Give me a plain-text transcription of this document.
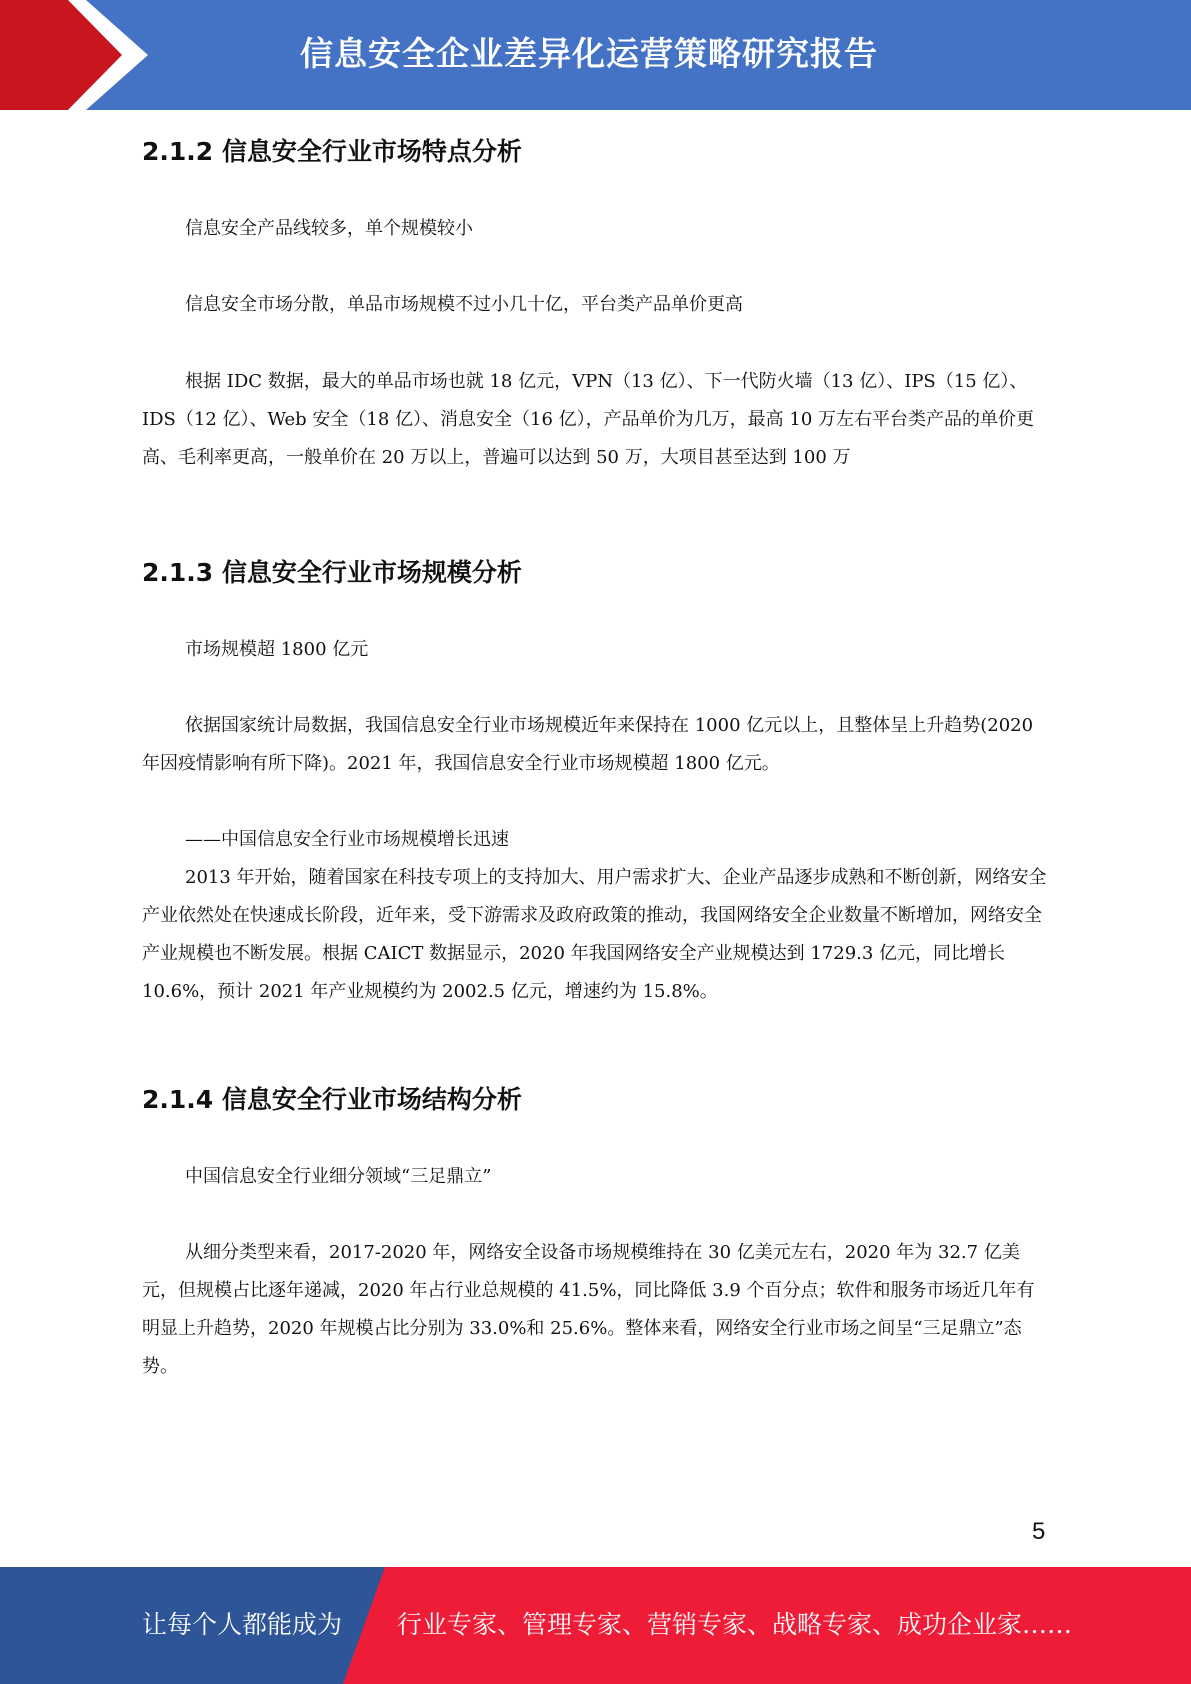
信息安全企业差异化运营策略研究报告
2.1.2 信息安全行业市场特点分析

信息安全产品线较多，单个规模较小

信息安全市场分散，单品市场规模不过小几十亿，平台类产品单价更高

根据 IDC 数据，最大的单品市场也就 18 亿元，VPN（13 亿）、下一代防火墙（13 亿）、IPS（15 亿）、IDS（12 亿）、Web 安全（18 亿）、消息安全（16 亿），产品单价为几万，最高 10 万左右平台类产品的单价更高、毛利率更高，一般单价在 20 万以上，普遍可以达到 50 万，大项目甚至达到 100 万

2.1.3 信息安全行业市场规模分析

市场规模超 1800 亿元

依据国家统计局数据，我国信息安全行业市场规模近年来保持在 1000 亿元以上，且整体呈上升趋势(2020 年因疫情影响有所下降)。2021 年，我国信息安全行业市场规模超 1800 亿元。

——中国信息安全行业市场规模增长迅速

2013 年开始，随着国家在科技专项上的支持加大、用户需求扩大、企业产品逐步成熟和不断创新，网络安全产业依然处在快速成长阶段，近年来，受下游需求及政府政策的推动，我国网络安全企业数量不断增加，网络安全产业规模也不断发展。根据 CAICT 数据显示，2020 年我国网络安全产业规模达到 1729.3 亿元，同比增长 10.6%，预计 2021 年产业规模约为 2002.5 亿元，增速约为 15.8%。

2.1.4 信息安全行业市场结构分析

中国信息安全行业细分领域“三足鼎立”

从细分类型来看，2017-2020 年，网络安全设备市场规模维持在 30 亿美元左右，2020 年为 32.7 亿美元，但规模占比逐年递减，2020 年占行业总规模的 41.5%，同比降低 3.9 个百分点；软件和服务市场近几年有明显上升趋势，2020 年规模占比分别为 33.0%和 25.6%。整体来看，网络安全行业市场之间呈“三足鼎立”态势。

5
让每个人都能成为 行业专家、管理专家、营销专家、战略专家、成功企业家……
